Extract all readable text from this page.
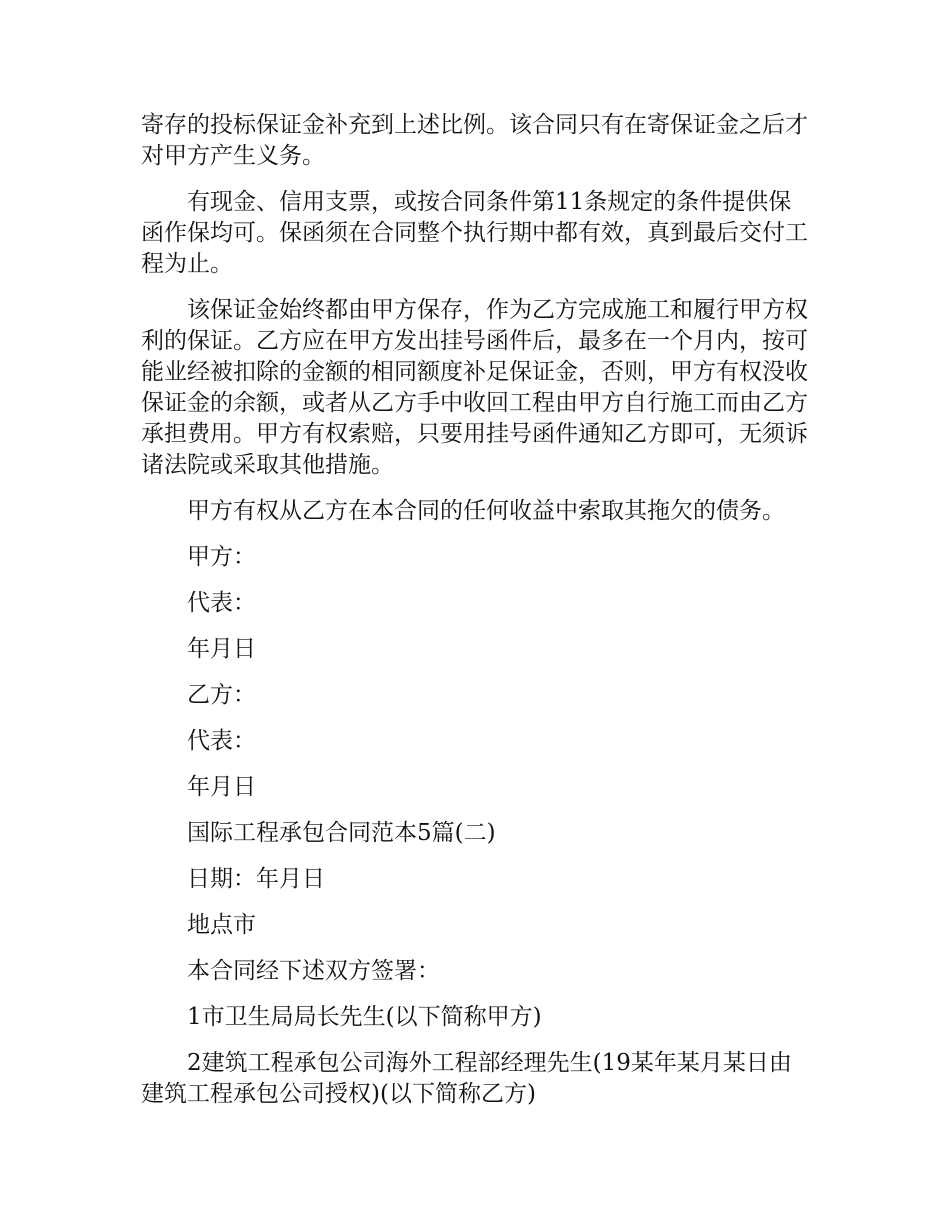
寄存的投标保证金补充到上述比例。该合同只有在寄保证金之后才对甲方产生义务。

有现金、信用支票，或按合同条件第11条规定的条件提供保函作保均可。保函须在合同整个执行期中都有效，真到最后交付工程为止。

该保证金始终都由甲方保存，作为乙方完成施工和履行甲方权利的保证。乙方应在甲方发出挂号函件后，最多在一个月内，按可能业经被扣除的金额的相同额度补足保证金，否则，甲方有权没收保证金的余额，或者从乙方手中收回工程由甲方自行施工而由乙方承担费用。甲方有权索赔，只要用挂号函件通知乙方即可，无须诉诸法院或采取其他措施。

甲方有权从乙方在本合同的任何收益中索取其拖欠的债务。

甲方：

代表：

年月日

乙方：

代表：

年月日

国际工程承包合同范本5篇(二)

日期：年月日

地点市

本合同经下述双方签署：

1市卫生局局长先生(以下简称甲方)

2建筑工程承包公司海外工程部经理先生(19某年某月某日由建筑工程承包公司授权)(以下简称乙方)
